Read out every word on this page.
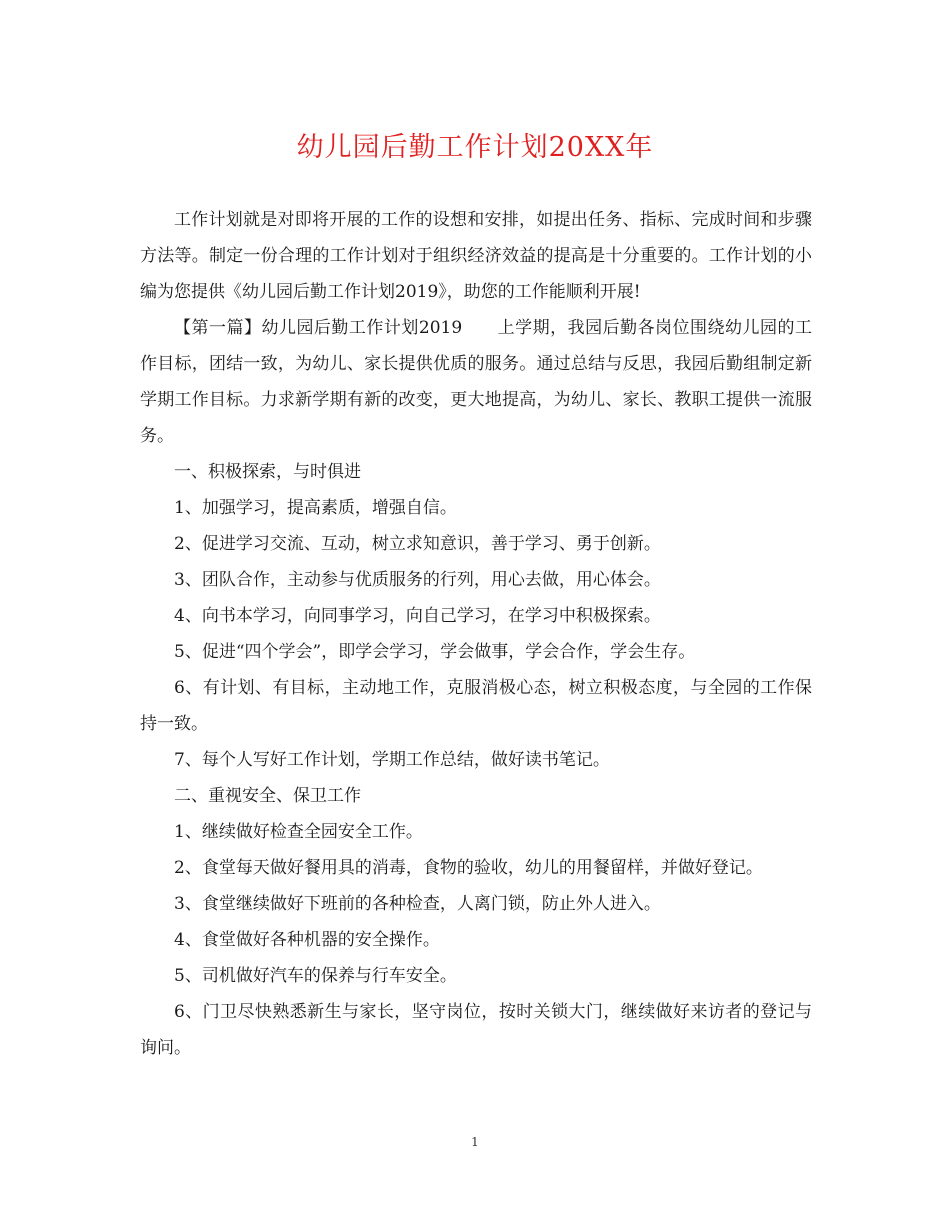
幼儿园后勤工作计划20XX年

工作计划就是对即将开展的工作的设想和安排，如提出任务、指标、完成时间和步骤方法等。制定一份合理的工作计划对于组织经济效益的提高是十分重要的。工作计划的小编为您提供《幼儿园后勤工作计划2019》，助您的工作能顺利开展!

【第一篇】幼儿园后勤工作计划2019　　上学期，我园后勤各岗位围绕幼儿园的工作目标，团结一致，为幼儿、家长提供优质的服务。通过总结与反思，我园后勤组制定新学期工作目标。力求新学期有新的改变，更大地提高，为幼儿、家长、教职工提供一流服务。

一、积极探索，与时俱进

1、加强学习，提高素质，增强自信。

2、促进学习交流、互动，树立求知意识，善于学习、勇于创新。

3、团队合作，主动参与优质服务的行列，用心去做，用心体会。

4、向书本学习，向同事学习，向自己学习，在学习中积极探索。

5、促进“四个学会”，即学会学习，学会做事，学会合作，学会生存。

6、有计划、有目标，主动地工作，克服消极心态，树立积极态度，与全园的工作保持一致。

7、每个人写好工作计划，学期工作总结，做好读书笔记。

二、重视安全、保卫工作

1、继续做好检查全园安全工作。

2、食堂每天做好餐用具的消毒，食物的验收，幼儿的用餐留样，并做好登记。

3、食堂继续做好下班前的各种检查，人离门锁，防止外人进入。

4、食堂做好各种机器的安全操作。

5、司机做好汽车的保养与行车安全。

6、门卫尽快熟悉新生与家长，坚守岗位，按时关锁大门，继续做好来访者的登记与询问。

1
